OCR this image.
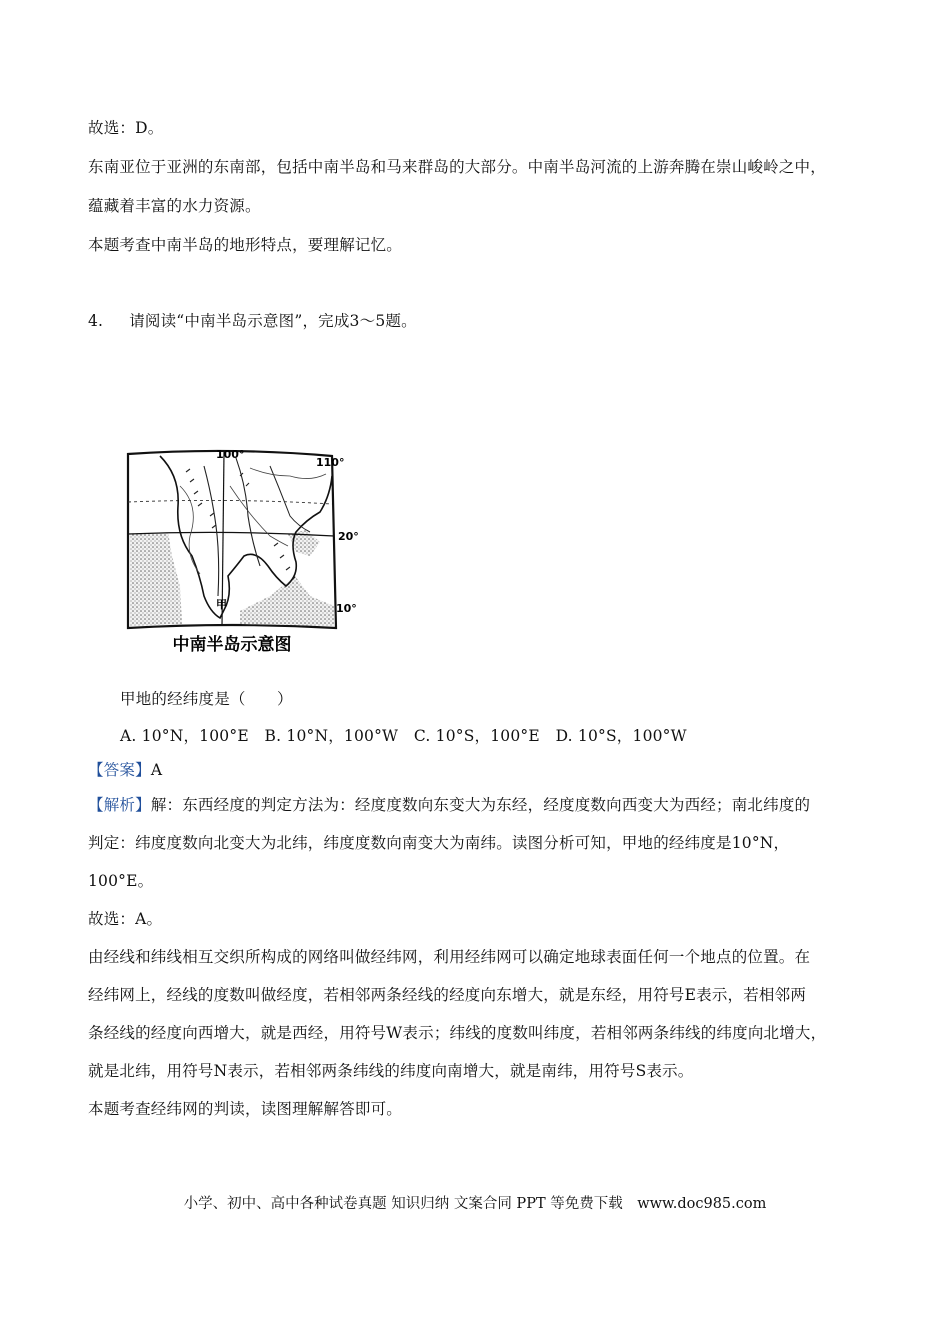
故选：D。
东南亚位于亚洲的东南部，包括中南半岛和马来群岛的大部分。中南半岛河流的上游奔腾在崇山峻岭之中，
蕴藏着丰富的水力资源。
本题考查中南半岛的地形特点，要理解记忆。
4. 请阅读“中南半岛示意图”，完成3～5题。
100°
110°
20°
10°
甲
中南半岛示意图
甲地的经纬度是（　　）
A. 10°N，100°E　B. 10°N，100°W　C. 10°S，100°E　D. 10°S，100°W
【答案】A
【解析】解：东西经度的判定方法为：经度度数向东变大为东经，经度度数向西变大为西经；南北纬度的
判定：纬度度数向北变大为北纬，纬度度数向南变大为南纬。读图分析可知，甲地的经纬度是10°N，
100°E。
故选：A。
由经线和纬线相互交织所构成的网络叫做经纬网，利用经纬网可以确定地球表面任何一个地点的位置。在
经纬网上，经线的度数叫做经度，若相邻两条经线的经度向东增大，就是东经，用符号E表示，若相邻两
条经线的经度向西增大，就是西经，用符号W表示；纬线的度数叫纬度，若相邻两条纬线的纬度向北增大，
就是北纬，用符号N表示，若相邻两条纬线的纬度向南增大，就是南纬，用符号S表示。
本题考查经纬网的判读，读图理解解答即可。
小学、初中、高中各种试卷真题 知识归纳 文案合同 PPT 等免费下载　www.doc985.com
